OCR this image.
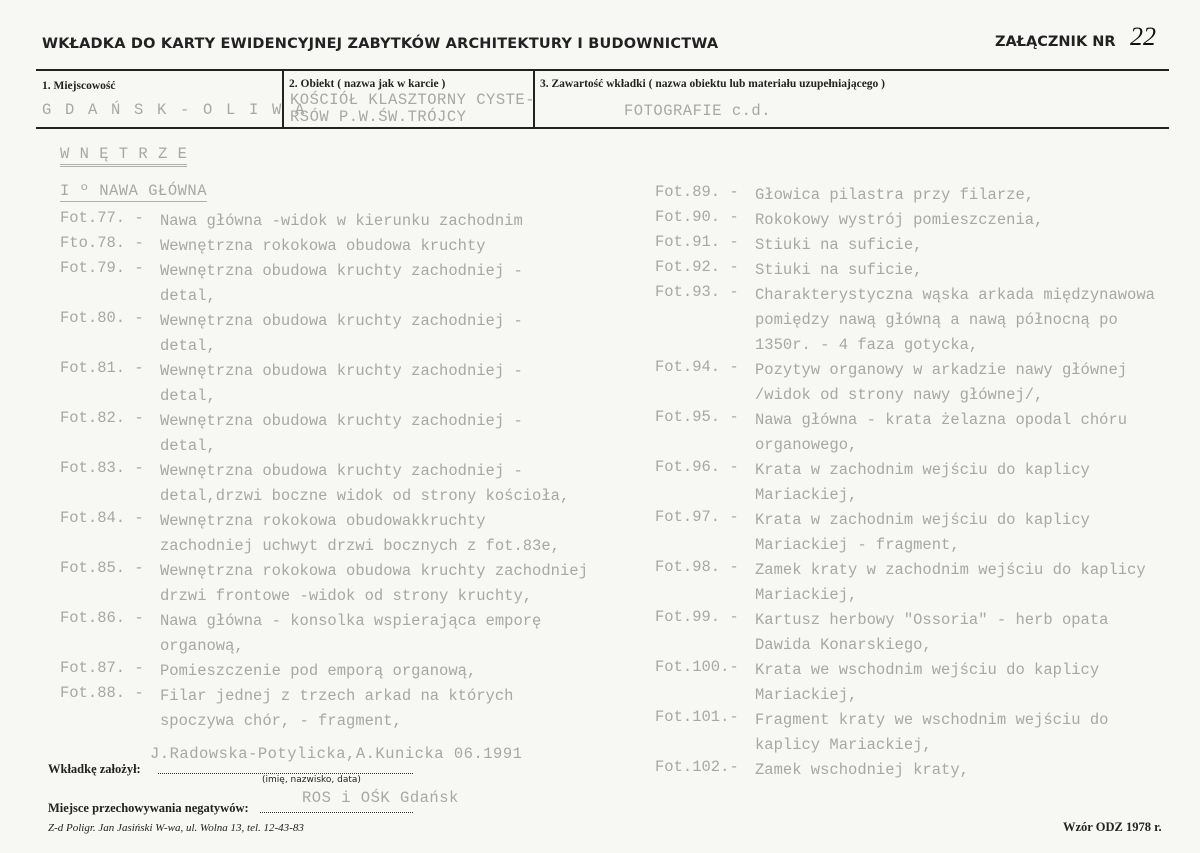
WKŁADKA DO KARTY EWIDENCYJNEJ ZABYTKÓW ARCHITEKTURY I BUDOWNICTWA	ZAŁĄCZNIK NR 22
1. Miejscowość	2. Obiekt ( nazwa jak w karcie )	3. Zawartość wkładki ( nazwa obiektu lub materiału uzupełniającego )
G D A Ń S K - O L I W A
KOŚCIÓŁ KLASZTORNY CYSTE-
RSÓW P.W.ŚW.TRÓJCY	FOTOGRAFIE c.d.
W N Ę T R Z E
I º NAWA GŁÓWNA
Fot.77. - Nawa główna -widok w kierunku zachodnim
Fto.78. - Wewnętrzna rokokowa obudowa kruchty
Fot.79. - Wewnętrzna obudowa kruchty zachodniej -
detal,
Fot.80. - Wewnętrzna obudowa kruchty zachodniej -
detal,
Fot.81. - Wewnętrzna obudowa kruchty zachodniej -
detal,
Fot.82. - Wewnętrzna obudowa kruchty zachodniej -
detal,
Fot.83. - Wewnętrzna obudowa kruchty zachodniej -
detal,drzwi boczne widok od strony kościoła,
Fot.84. - Wewnętrzna rokokowa obudowakkruchty
zachodniej uchwyt drzwi bocznych z fot.83e,
Fot.85. - Wewnętrzna rokokowa obudowa kruchty zachodniej
drzwi frontowe -widok od strony kruchty,
Fot.86. - Nawa główna - konsolka wspierająca emporę
organową,
Fot.87. - Pomieszczenie pod emporą organową,
Fot.88. - Filar jednej z trzech arkad na których
spoczywa chór, - fragment,
Fot.89. - Głowica pilastra przy filarze,
Fot.90. - Rokokowy wystrój pomieszczenia,
Fot.91. - Stiuki na suficie,
Fot.92. - Stiuki na suficie,
Fot.93. - Charakterystyczna wąska arkada międzynawowa
pomiędzy nawą główną a nawą północną po
1350r. - 4 faza gotycka,
Fot.94. - Pozytyw organowy w arkadzie nawy głównej
/widok od strony nawy głównej/,
Fot.95. - Nawa główna - krata żelazna opodal chóru
organowego,
Fot.96. - Krata w zachodnim wejściu do kaplicy
Mariackiej,
Fot.97. - Krata w zachodnim wejściu do kaplicy
Mariackiej - fragment,
Fot.98. - Zamek kraty w zachodnim wejściu do kaplicy
Mariackiej,
Fot.99. - Kartusz herbowy "Ossoria" - herb opata
Dawida Konarskiego,
Fot.100.- Krata we wschodnim wejściu do kaplicy
Mariackiej,
Fot.101.- Fragment kraty we wschodnim wejściu do
kaplicy Mariackiej,
Fot.102.- Zamek wschodniej kraty,
Wkładkę założył:
J.Radowska-Potylicka,A.Kunicka 06.1991
(imię, nazwisko, data)
Miejsce przechowywania negatywów:
ROS i OŚK Gdańsk
Z-d Poligr. Jan Jasiński W-wa, ul. Wolna 13, tel. 12-43-83	Wzór ODZ 1978 r.
